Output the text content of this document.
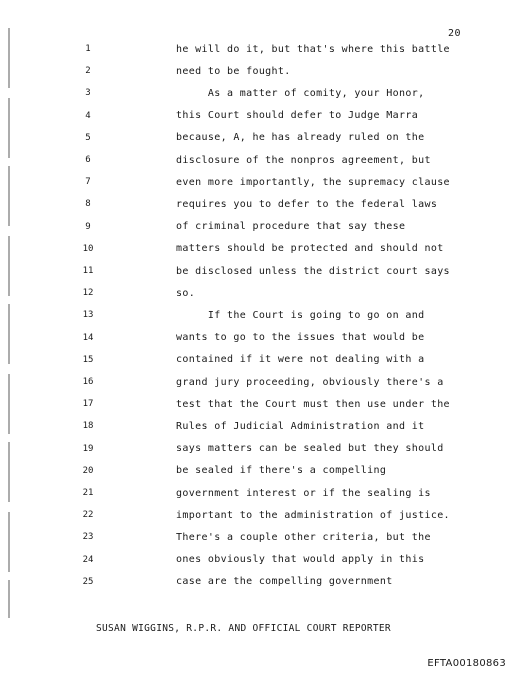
20
1	he will do it, but that's where this battle
2	need to be fought.
3	As a matter of comity, your Honor,
4	this Court should defer to Judge Marra
5	because, A, he has already ruled on the
6	disclosure of the nonpros agreement, but
7	even more importantly, the supremacy clause
8	requires you to defer to the federal laws
9	of criminal procedure that say these
10	matters should be protected and should not
11	be disclosed unless the district court says
12	so.
13	If the Court is going to go on and
14	wants to go to the issues that would be
15	contained if it were not dealing with a
16	grand jury proceeding, obviously there's a
17	test that the Court must then use under the
18	Rules of Judicial Administration and it
19	says matters can be sealed but they should
20	be sealed if there's a compelling
21	government interest or if the sealing is
22	important to the administration of justice.
23	There's a couple other criteria, but the
24	ones obviously that would apply in this
25	case are the compelling government
SUSAN WIGGINS, R.P.R. AND OFFICIAL COURT REPORTER
EFTA00180863
